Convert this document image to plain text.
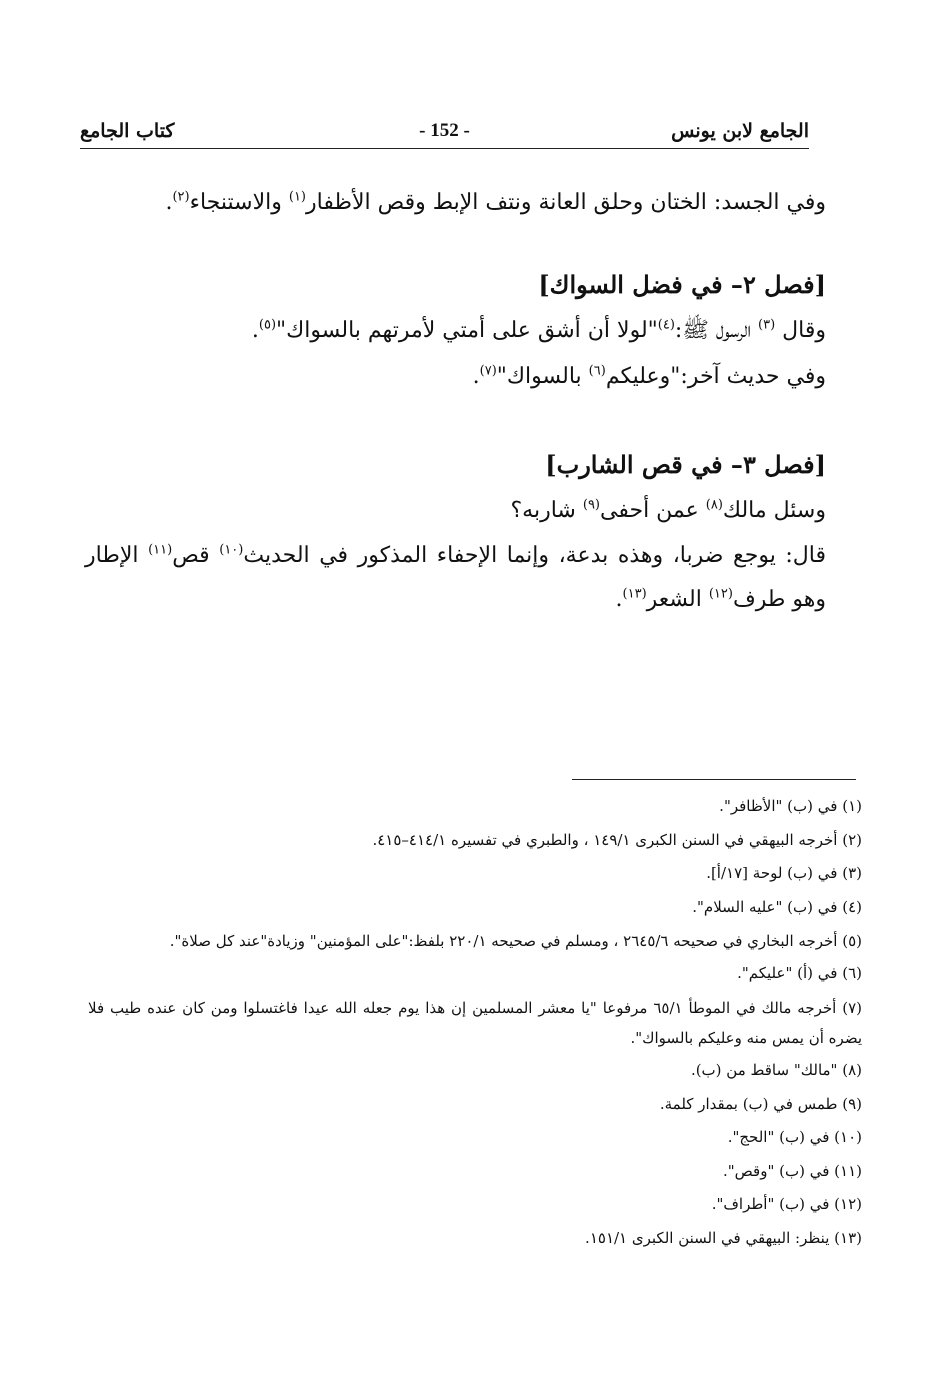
الجامع لابن يونس
- 152 -
كتاب الجامع
وفي الجسد: الختان وحلق العانة ونتف الإبط وقص الأظفار$^{(١)}$ والاستنجاء$^{(٢)}$.
[فصل ٢– في فضل السواك]
وقال $^{(٣)}$ الرسول ﷺ:$^{(٤)}$"لولا أن أشق على أمتي لأمرتهم بالسواك"$^{(٥)}$.
وفي حديث آخر:"وعليكم$^{(٦)}$ بالسواك"$^{(٧)}$.
[فصل ٣– في قص الشارب]
وسئل مالك$^{(٨)}$ عمن أحفى$^{(٩)}$ شاربه؟
قال: يوجع ضربا، وهذه بدعة، وإنما الإحفاء المذكور في الحديث$^{(١٠)}$ قص$^{(١١)}$ الإطار وهو طرف$^{(١٢)}$ الشعر$^{(١٣)}$.
(١) في (ب) "الأظافر".
(٢) أخرجه البيهقي في السنن الكبرى ١٤٩/١ ، والطبري في تفسيره ٤١٤/١–٤١٥.
(٣) في (ب) لوحة [١٧/أ].
(٤) في (ب) "عليه السلام".
(٥) أخرجه البخاري في صحيحه ٢٦٤٥/٦ ، ومسلم في صحيحه ٢٢٠/١ بلفظ:"على المؤمنين" وزيادة"عند كل صلاة".
(٦) في (أ) "عليكم".
(٧) أخرجه مالك في الموطأ ٦٥/١ مرفوعا "يا معشر المسلمين إن هذا يوم جعله الله عيدا فاغتسلوا ومن كان عنده طيب فلا يضره أن يمس منه وعليكم بالسواك".
(٨) "مالك" ساقط من (ب).
(٩) طمس في (ب) بمقدار كلمة.
(١٠) في (ب) "الحج".
(١١) في (ب) "وقص".
(١٢) في (ب) "أطراف".
(١٣) ينظر: البيهقي في السنن الكبرى ١٥١/١.
